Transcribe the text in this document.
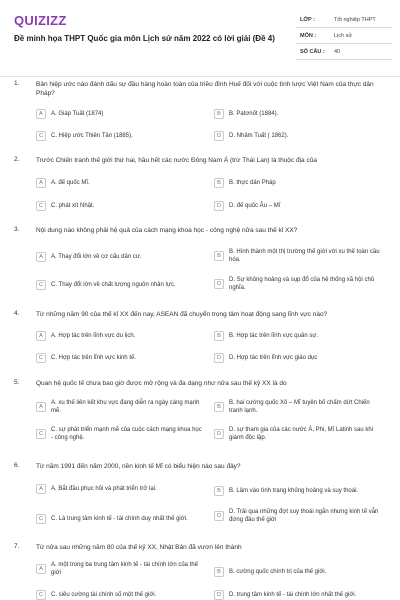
QUIZIZZ
Đề minh họa THPT Quốc gia môn Lịch sử năm 2022 có lời giải (Đề 4)
LỚP :	Tốt nghiệp THPT
MÔN :	Lịch sử
SỐ CÂU :	40
1.	Bản hiệp ước nào đánh dấu sự đầu hàng hoàn toàn của triều đình Huế đối với cuộc tình lược Việt Nam của thực dân Pháp?
A	A. Giáp Tuất (1874)	B	B. Patơnốt (1884).
C	C. Hiệp ước Thiên Tân (1885).	D	D. Nhâm Tuất ( 1862).
2.	Trước Chiến tranh thế giới thứ hai, hầu hết các nước Đông Nam Á (trừ Thái Lan) là thuộc địa của
A	A. đế quốc Mĩ.	B	B. thực dân Pháp
C	C. phát xít Nhật.	D	D. đế quốc Âu – Mĩ
3.	Nội dung nào không phải hệ quả của cách mạng khoa học - công nghệ nửa sau thế kỉ XX?
A	A. Thay đổi lớn về cơ cấu dân cư.	B
B. Hình thành một thị trường thế giới với xu thế toàn cầu hóa.
C	C. Thay đổi lớn về chất lượng nguồn nhân lực.	D
D. Sự khủng hoảng và sụp đổ của hệ thống xã hội chủ nghĩa.
4.	Từ những năm 90 của thế kỉ XX đến nay, ASEAN đã chuyển trọng tâm hoạt động sang lĩnh vực nào?
A	A. Hợp tác trên lĩnh vực du lịch.	B	B. Hợp tác trên lĩnh vực quân sự.
C	C. Hợp tác trên lĩnh vực kinh tế.	D	D. Hợp tác trên lĩnh vực giáo dục
5.	Quan hệ quốc tế chưa bao giờ được mở rộng và đa dạng như nửa sau thế kỷ XX là do
A
A. xu thế liên kết khu vực đang diễn ra ngày càng mạnh mẽ.
B
B. hai cường quốc Xô – Mĩ tuyên bố chấm dứt Chiến tranh lạnh.
C
C. sự phát triển mạnh mẽ của cuộc cách mạng khoa học - công nghệ.
D
D. sự tham gia của các nước Á, Phi, Mĩ Latinh sau khi giành độc lập.
6.	Từ năm 1991 đến năm 2000, nền kinh tế Mĩ có biểu hiện nào sau đây?
A	A. Bắt đầu phục hồi và phát triển trở lại.	B	B. Lâm vào tình trạng khủng hoảng và suy thoái.
C	C. Là trung tâm kinh tế - tài chính duy nhất thế giới.	D
D. Trải qua những đợt suy thoái ngắn nhưng kinh tế vẫn đứng đầu thế giới
7.	Từ nửa sau những năm 80 của thế kỷ XX, Nhật Bản đã vươn lên thành
A
A. một trong ba trung tâm kinh tế - tài chính lớn của thế giới	B	B. cường quốc chính trị của thế giới.
C	C. siêu cường tài chính số một thế giới.	D	D. trung tâm kinh tế - tài chính lớn nhất thế giới.
